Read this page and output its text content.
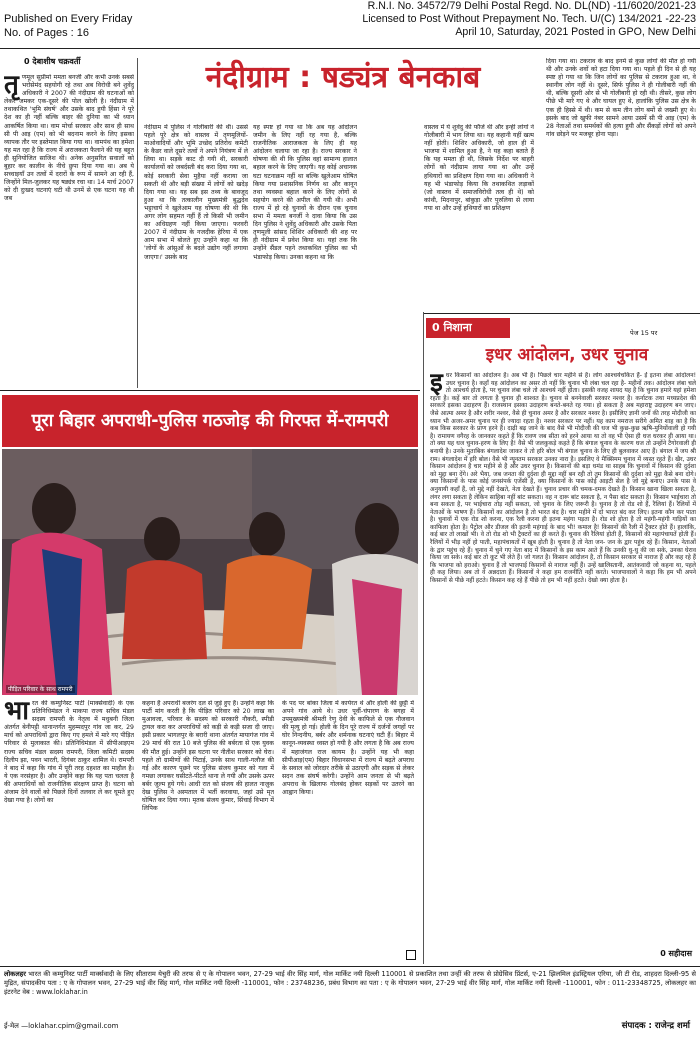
Published on Every Friday
No. of Pages : 16
R.N.I. No. 34572/79 Delhi Postal Regd. No. DL(ND) -11/6020/2021-23
Licensed to Post Without Prepayment No. Tech. U/(C) 134/2021 -22-23
April 10, Saturday, 2021 Posted in GPO, New Delhi
0 देबाशीष चक्रवर्ती	नंदीग्राम : षड्यंत्र बेनकाब
तृणमूल सुप्रीमो ममता बनर्जी और कभी उनके सबसे भरोसेमंद सहयोगी रहे तथा अब विरोधी बने शुवेंदु अधिकारी ने 2007 की नंदीग्राम की घटनाओं को लेकर जमकर एक-दूसरे की पोल खोली है। नंदीग्राम में तथाकथित 'भूमि संघर्ष' और उसके बाद हुयी हिंसा ने पूरे देश का ही नहीं बल्कि बाहर की दुनिया का भी ध्यान आकर्षित किया था। वाम मोर्चा सरकार और साथ ही साथ सी पी आइ (एम) को भी बदनाम करने के लिए इसका व्यापक तौर पर इस्तेमाल किया गया था। वामपंथ का हमेशा यह मत रहा है कि राज्य में अराजकता फैलाने की यह बहुत ही सुनियोजित साजिश थी। अनेक अनुसरित सवालों को बुहार कर कालीन के नीचे छुपा दिया गया था। अब ये सच्चाइयाँ उन तत्वों में दरारों के रूप में सामने आ रही हैं, जिन्होंने मिल-जुलकर यह षड्यंत्र रचा था। 14 मार्च 2007 को दी दुःखद घटनाएं घटी थी उनमें से एक घटना यह थी जब
नंदीग्राम में पुलिस ने गोलीबारी की थी। उससे पहले पूरे क्षेत्र को वास्तव में तृणमूलियों-माओवादियों और भूमि उच्छेद प्रतिरोध कमेटी के कैडर वाले दूसरे तत्वों ने अपने नियंत्रण में ले लिया था। सड़कें काट दी गयी थी, सरकारी कार्यालयों को जबर्दस्ती बंद करा दिया गया था, कोई सरकारी सेवा मुहैया नहीं कराया जा सकती थी और बड़ी संख्या में लोगों को खदेड़ दिया गया था। यह सब इस तथ्य के बावजूद हुआ था कि तत्कालीन मुख्यमंत्री बुद्धदेव भट्टाचार्य ने खुलेआम यह घोषणा की थी कि अगर लोग सहमत नहीं हैं तो किसी भी जमीन का अधिग्रहण नहीं किया जाएगा। फरवरी 2007 में नंदीग्राम के नजदीक हेरिया में एक आम सभा में बोलते हुए उन्होंने कहा था कि 'लोगों के आंसुओं के बदले उद्योग नहीं लगाया जाएगा।' उसके बाद
यह स्पष्ट हो गया था कि अब यह आंदोलन जमीन के लिए नहीं रह गया है, बल्कि राजनीतिक आराजकता के लिए ही यह आंदोलन चलाया जा रहा है। राज्य सरकार ने घोषणा की थी कि पुलिस वहां सामान्य हालात बहाल करने के लिए जाएगी। यह कोई अचानक घटा घटनाक्रम नहीं था बल्कि खुलेआम घोषित किया गया प्रशासनिक निर्णय था और कानून तथा व्यवस्था बहाल करने के लिए लोगों से सहयोग करने की अपील की गयी थी। अभी राज्य में हो रहे चुनावों के दौरान एक चुनाव सभा में ममता बनर्जी ने दावा किया कि उस दिन पुलिस ने शुवेंदु अधिकारी और उसके पिता तृणमूली सांसद शिशिर अधिकारी की शह पर ही नंदीग्राम में प्रवेश किया था। यहां तक कि उन्होंने सैंडल पहने तथाकथित पुलिस का भी भंडाफोड़ किया। उनका कहना था कि
वास्तव में ये शुवेंदु की फौजें थी और इन्हीं लोगों ने गोलीबारी में भाग लिया था। यह कहानी यहीं खत्म नहीं होती। शिशिर अधिकारी, जो हाल ही में भाजपा में शामिल हुआ है, ने यह कहा बताते हैं कि यह ममता ही थी, जिसके निर्देश पर बाहरी लोगों को नंदीग्राम लाया गया था और उन्हें हथियारों का प्रशिक्षण दिया गया था। अधिकारी ने यह भी भंडाफोड़ किया कि तथाकथित लड़ाकों (जो वास्तव में समाजविरोधी तत्व ही थे) को कांथी, मिदनापुर, बांकुड़ा और पुरुलिया से लाया गया था और उन्हें हथियारों का प्रशिक्षण
दिया गया था। टकराव के बाद इनमें से कुछ लोगों की मौत हो गयी थी और उनके शवों को हटा दिया गया था। पहले ही दिन से ही यह स्पष्ट हो गया था कि जिन लोगों का पुलिस से टकराव हुआ था, वे स्थानीय लोग नहीं थे। दूसरे, सिर्फ पुलिस ने ही गोलीबारी नहीं की थी, बल्कि दूसरी ओर से भी गोलीबारी हो रही थी। तीसरे, कुछ लोग पीछे भी मारे गए थे और घायल हुए थे, हालांकि पुलिस उस क्षेत्र के एक ही हिस्से में थी। कम से कम तीन लोग बमों से जख्मी हुए थे। इसके बाद जो खुफी नंबर सामने आया उसमें सी पी आइ (एम) के 28 नेताओं तथा समर्थकों की हत्या हुयी और सैंकड़ों लोगों को अपने गांव छोड़ने पर मजबूर होना पड़ा।
पेज 15 पर
पूरा बिहार अपराधी-पुलिस गठजोड़ की गिरफ्त में-रामपरी
पीड़ित परिवार के साथ रामपरी
भारत की कम्युनिस्ट पार्टी (मार्क्सवादी) के एक प्रतिनिधिमंडल ने माकपा राज्य सचिव मंडल सदस्य रामपरी के नेतृत्व में मधुबनी जिला अंतर्गत बेनीपट्टी थानान्तर्गत मुहम्मदपुर गांव जा कर, 29 मार्च को अपराधियों द्वारा किए गए हमले में मारे गए पीड़ित परिवार से मुलाकात की। प्रतिनिधिमंडल में सीपीआइएम राज्य सचिव मंडल सदस्य रामपरी, जिला कमिटी सदस्य दिलीप झा, पवन भारती, दिगंबर ठाकुर शामिल थे। रामपरी ने बाद में कहा कि गांव में पूरी तरह दहशत का माहौल है। ये एक नरसंहार है। और उन्होंने कहा कि यह पता चलता है की अपराधियों को राजनीतिक संरक्षण प्राप्त है। घटना को अंजाम देने वालों को पिछले दिनों तलवार ले कर घूमते हुए देखा गया है। लोगों का
कहना है अपराधी बजरंग दल से जुड़े हुए हैं। उन्होंने कहा कि पार्टी मांग करती है कि पीड़ित परिवार को 20 लाख का मुआवजा, परिवार के सदस्य को सरकारी नौकरी, स्पीडी ट्रायल करा कर अपराधियों को कड़ी से कड़ी सजा दी जाए। इसी प्रकार भागलपुर के बरारी थाना अंतर्गत मायागंज गांव में 29 मार्च की रात 10 बजे पुलिस की बर्बरता से एक युवक की मौत हुई। उन्होंने इस घटना पर नीतीश सरकार को घेरा। पहले तो ग्रामीणों की पिटाई, उनके साथ गाली-गलौज की गई और कारण पूछने पर पुलिस संजय कुमार को गला में गमछा लगाकर घसीटते-पीटते थाना ले गयी और उसके ऊपर बर्बर जुल्म हुये गये। आधी रात को संजय की हालत नाज़ुक देख पुलिस ने अस्पताल में भर्ती करवाया, जहां उसे मृत घोषित कर दिया गया। मृतक संजय कुमार, सिंचाई विभाग में लिपिक
के पद पर बांका जिला में कार्यरत थे और होली की छुट्टी में अपने गांव आये थे। उधर पूर्वी-चंपारण के बगहा में उपमुख्यमंत्री श्रीमती रेणु देवी के काफिले से एक नौजवान की मृत्यु हो गई। होली के दिन पूरे राज्य में दर्जनों जगहों पर घोर निन्दनीय, बर्बर और शर्मनाक घटनाएं घटी हैं। बिहार में कानून-व्यवस्था ध्वस्त हो गयी है और लगता है कि अब राज्य में महाजंगल राज कायम है। उन्होंने यह भी कहा सीपीआइ(एम) बिहार विधानसभा में राज्य में बढ़ते अपराध के सवाल को जोरदार तरीके से उठाएगी और सड़क से लेकर सदन तक संघर्ष करेगी। उन्होंने आम जनता से भी बढ़ते अपराध के खिलाफ गोलबंद होकर सड़कों पर उतरने का आह्वान किया।
0 निशाना
इधर आंदोलन, उधर चुनाव
इधर किसानों का आंदोलन है। अब भी है। पिछले चार महीने से है। लोग आश्चर्यचकित हैं- ईं इतना लंबा आंदोलन! उधर चुनाव है। कहाँ यह आंदोलन का असर तो नहीं कि चुनाव भी लंबा चल रहा है- महीनों तक। आंदोलन लंबा चले तो आश्चर्य होता है, पर चुनाव लंबा चले तो आश्चर्य नहीं होता। इसकी वजह शायद यह है कि चुनाव हमारे यहां हमेशा रहता है। कहें बार तो लगता है चुनाव ही शाश्वत है। चुनाव से बननेवाली सरकार नश्वर है। कर्नाटक तथा मध्यप्रदेश की सरकारें इसका उदाहरण हैं। राजस्थान इसका उदाहरण बनते-बनते रह गया। हो सकता है अब महाराष्ट्र उदाहरण बन जाए। जैसे आत्मा अमर है और शरीर नश्वर, वैसे ही चुनाव अमर है और सरकार नश्वर है। इसीलिए ज्ञानी जनों की तरह मोदीजी का ध्यान भी अजर-अमर चुनाव पर ही ज्यादा रहता है। नश्वर सरकार पर नहीं। यह काम नमराज सरीगे अमित शाह का है कि कब किस सरकार के प्राण हरने हैं। दाढ़ी बढ़ जाने के बाद वैसे भी मोदीजी की धज भी कुछ-कुछ ऋषि-मुनियोंवाली हो गयी है। रामायण वगैरह के जानकार कहते हैं कि रावण जब सीता को हरने आया था तो वह भी ऐसा ही धज धरकर ही आया था। तो क्या यह धज चुनाव-हरण के लिए है! वैसे भी जलकुकड़े कहते हैं कि बंगाल चुनाव के कारण धज तो उन्होंने टैगोरवाली ही बनायी है। उनके मुताबिक बंगलादेश जाकर वे तो हरि बोल भी बंगाल चुनाव के लिए ही बुलवाकर आए हैं। बंगाल में जय श्री राम। बंगलादेश में हरि बोल। वैसे भी न्यूनतम सरकार उनका नारा है। इसलिए वे मैक्सिमम चुनाव में व्यस्त रहते हैं। खैर, उधर किसान आंदोलन है चार महीने से है और उधर चुनाव है। किसानों की बड़ा धमंड था साहब कि चुनावों में किसान की दुर्दशा को मुद्दा बना देंगे। अरे भैया, जब जनता की दुर्दशा ही मुद्दा नहीं बन रही तो तुम किसानों की दुर्दशा को मुद्दा कैसे बना दोगे। क्या किसानों के पास कोई जनसंपर्क एजेंसी है, क्या किसानों के पास कोई आइटी सेल है जो मुद्दे बनाए। उनके पास वे अनुयायी कहाँ हैं, जो मुद्दे नहीं देखते, नेता देखते हैं। चुनाव प्रचार की चमक-दमक देखते हैं। किसान खाना खिला सकता है, लंगर लगा सकता है लेकिन साहिबा नहीं बांट सकता। वह न दारू बांट सकता है, न पैसा बांट सकता है। किसान भाईचारा तो बना सकता है, पर भाईचारा तोड़ नहीं सकता, जो चुनाव के लिए जरूरी है। चुनाव है तो रोड शो हैं, रैलियां हैं। रैलियों में नेताओं के भाषण हैं। किसानों का आंदोलन है तो भारत बंद है। चार महीने में दो भारत बंद कर लिए। इतना कौन कर पाता है। चुनावों में एक रोड शो करना, एक रैली करना ही इतना महंगा पड़ता है। रोड शो होता है तो महंगी-महंगी गाड़ियों का काफिला होता है। पैट्रोल और डीजल की इतनी महंगाई के बाद भी! कमाल है! किसानों की रैली में ट्रैक्टर होते हैं। हालांकि, कई बार तो लाखों भी। वे तो रोड शो भी ट्रैक्टरों का ही करते हैं। चुनाव की रैलियां होती हैं, किसानों की महापंचायतें होती हैं। रैलियों में भीड़ नहीं हो पाती, महापंचायतों में खूब होती है। चुनाव है तो नेता जन- जन के द्वार पहुंच रहे हैं। किसान, नेताओं के द्वार पहुंच रहे हैं। चुनाव में चुने गए नेता बाद में किसानों के इस काम आते हैं कि उनकी धु-धु की जा सके, उनका घेराव किया जा सके। कई बार तो कूट भी लेते हैं। जो गलत है। किसान आंदोलन है, तो किसान सरकार से नाराज हैं और कह रहे हैं कि भाजपा को हराओ। चुनाव हैं तो भाजपाई किसानों से नाराज नहीं हैं। उन्हें खालिस्तानी, आतंकवादी जो कहना था, पहले ही कह लिया। अब तो वे अन्नदाता हैं। किसानों ने कहा हम राजनीति नहीं करते। भाजपावालों ने कहा कि हम भी अपने किसानों से पीछे नहीं हटते। किसान कह रहे हैं पीछे तो हम भी नहीं हटते। देखो क्या होता है।
0 सहीदास
लोकलहर भारत की कम्युनिस्ट पार्टी मार्क्सवादी के लिए सीताराम येचुरी की तरफ से ए के गोपालन भवन, 27-29 भाई वीर सिंह मार्ग, गोल मार्किट नयी दिल्ली 110001 से प्रकाशित तथा उन्हीं की तरफ से प्रोग्रेसिव प्रिंटर्स, ए-21 झिलमिल इंडस्ट्रियल एरिया, जी टी रोड, शाहदरा दिल्ली-95 से मुद्रित, संपादकीय पता : ए के गोपालन भवन, 27-29 भाई वीर सिंह मार्ग, गोल मार्किट नयी दिल्ली -110001, फोन : 23748236, प्रबंध विभाग का पता : ए के गोपालन भवन, 27-29 भाई वीर सिंह मार्ग, गोल मार्किट नयी दिल्ली -110001, फोन : 011-23348725, लोकलहर का इंटरनेट वेब : www.loklahar.in
ई-मेल —loklahar.cpim@gmail.com	संपादक : राजेन्द्र शर्मा
